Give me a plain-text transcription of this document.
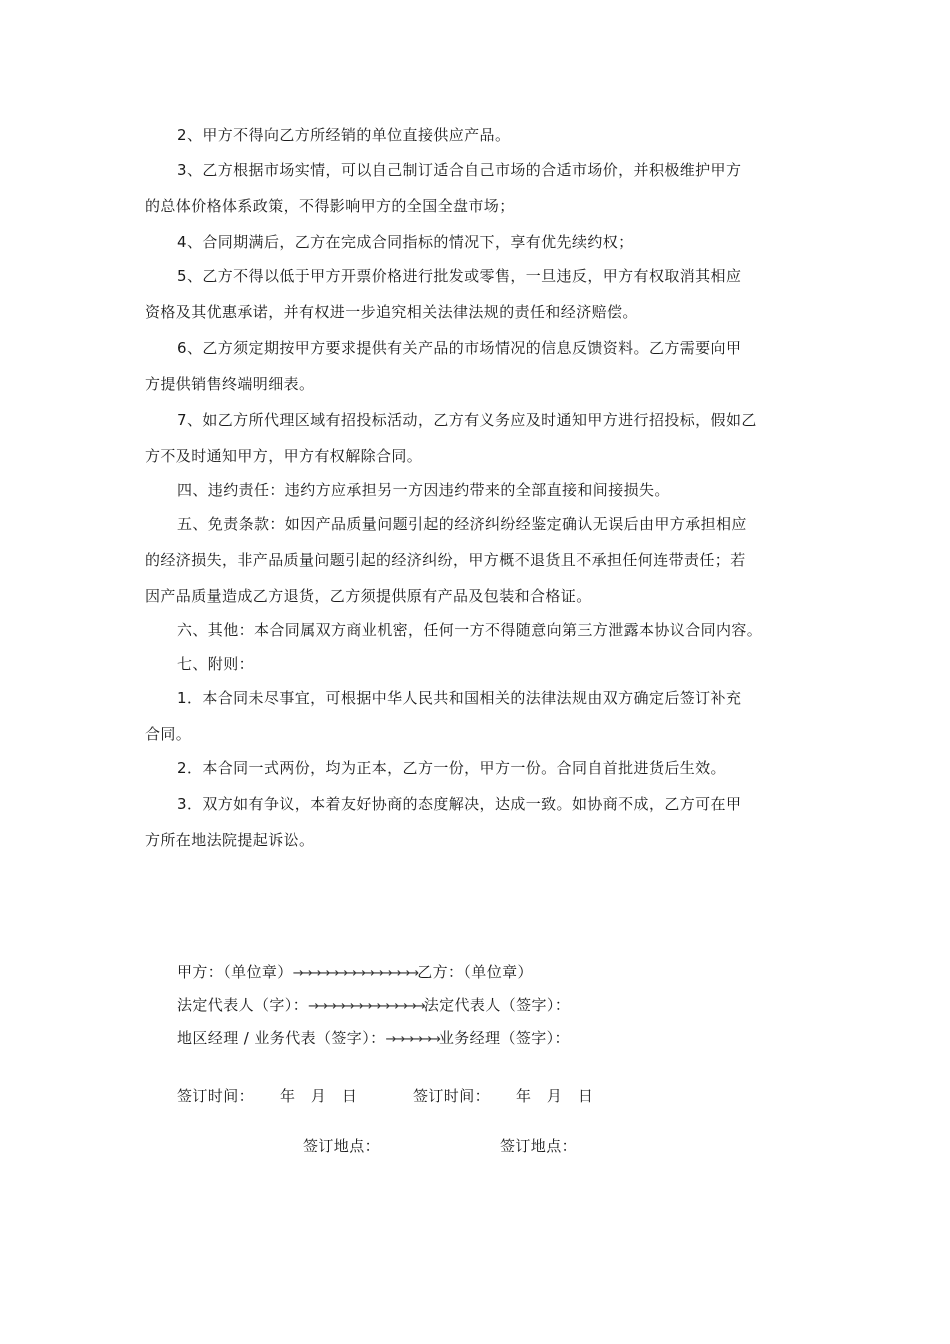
2、甲方不得向乙方所经销的单位直接供应产品。
3、乙方根据市场实情，可以自己制订适合自己市场的合适市场价，并积极维护甲方
的总体价格体系政策，不得影响甲方的全国全盘市场；
4、合同期满后，乙方在完成合同指标的情况下，享有优先续约权；
5、乙方不得以低于甲方开票价格进行批发或零售，一旦违反，甲方有权取消其相应
资格及其优惠承诺，并有权进一步追究相关法律法规的责任和经济赔偿。
6、乙方须定期按甲方要求提供有关产品的市场情况的信息反馈资料。乙方需要向甲
方提供销售终端明细表。
7、如乙方所代理区域有招投标活动，乙方有义务应及时通知甲方进行招投标，假如乙
方不及时通知甲方，甲方有权解除合同。
四、违约责任：违约方应承担另一方因违约带来的全部直接和间接损失。
五、免责条款：如因产品质量问题引起的经济纠纷经鉴定确认无误后由甲方承担相应
的经济损失，非产品质量问题引起的经济纠纷，甲方概不退货且不承担任何连带责任；若
因产品质量造成乙方退货，乙方须提供原有产品及包装和合格证。
六、其他：本合同属双方商业机密，任何一方不得随意向第三方泄露本协议合同内容。
七、附则：
1．本合同未尽事宜，可根据中华人民共和国相关的法律法规由双方确定后签订补充
合同。
2．本合同一式两份，均为正本，乙方一份，甲方一份。合同自首批进货后生效。
3．双方如有争议，本着友好协商的态度解决，达成一致。如协商不成，乙方可在甲
方所在地法院提起诉讼。
甲方：（单位章）→→→→→→→→→→→→→→乙方：（单位章）
法定代表人（字）：→→→→→→→→→→→→→法定代表人（签字）：
地区经理 / 业务代表（签字）：→→→→→→业务经理（签字）：
签订时间： 年   月   日	签订时间： 年   月   日
签订地点：	签订地点：
